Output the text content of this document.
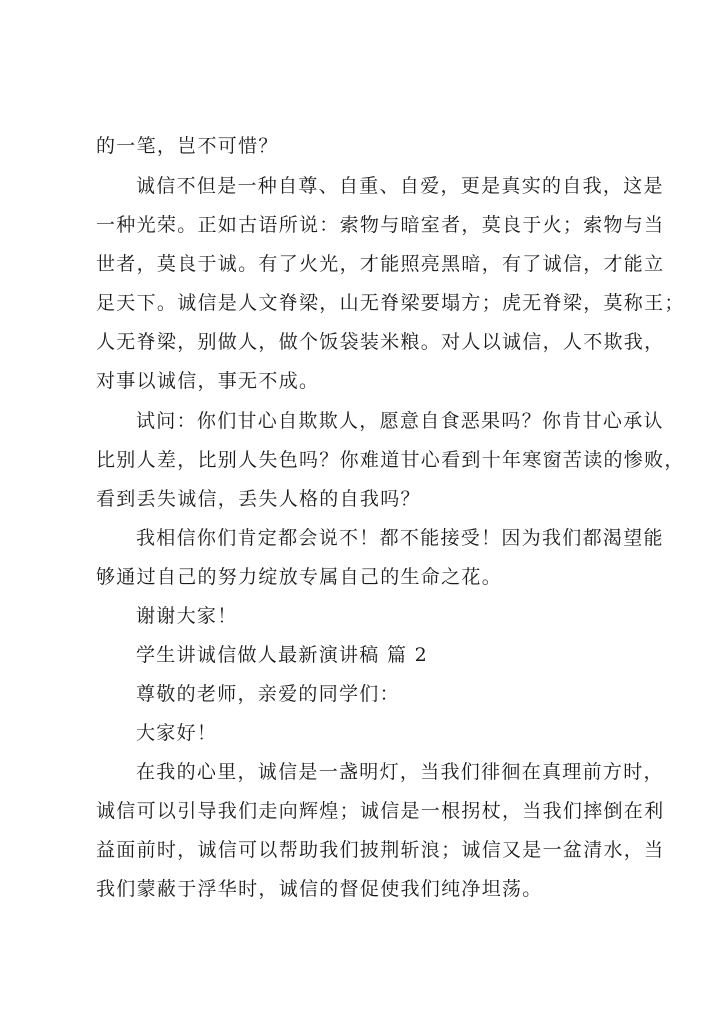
的一笔，岂不可惜？
诚信不但是一种自尊、自重、自爱，更是真实的自我，这是
一种光荣。正如古语所说：索物与暗室者，莫良于火；索物与当
世者，莫良于诚。有了火光，才能照亮黑暗，有了诚信，才能立
足天下。诚信是人文脊梁，山无脊梁要塌方；虎无脊梁，莫称王；
人无脊梁，别做人，做个饭袋装米粮。对人以诚信，人不欺我，
对事以诚信，事无不成。
试问：你们甘心自欺欺人，愿意自食恶果吗？你肯甘心承认
比别人差，比别人失色吗？你难道甘心看到十年寒窗苦读的惨败，
看到丢失诚信，丢失人格的自我吗？
我相信你们肯定都会说不！都不能接受！因为我们都渴望能
够通过自己的努力绽放专属自己的生命之花。
谢谢大家！
学生讲诚信做人最新演讲稿 篇 2
尊敬的老师，亲爱的同学们：
大家好！
在我的心里，诚信是一盏明灯，当我们徘徊在真理前方时，
诚信可以引导我们走向辉煌；诚信是一根拐杖，当我们摔倒在利
益面前时，诚信可以帮助我们披荆斩浪；诚信又是一盆清水，当
我们蒙蔽于浮华时，诚信的督促使我们纯净坦荡。
